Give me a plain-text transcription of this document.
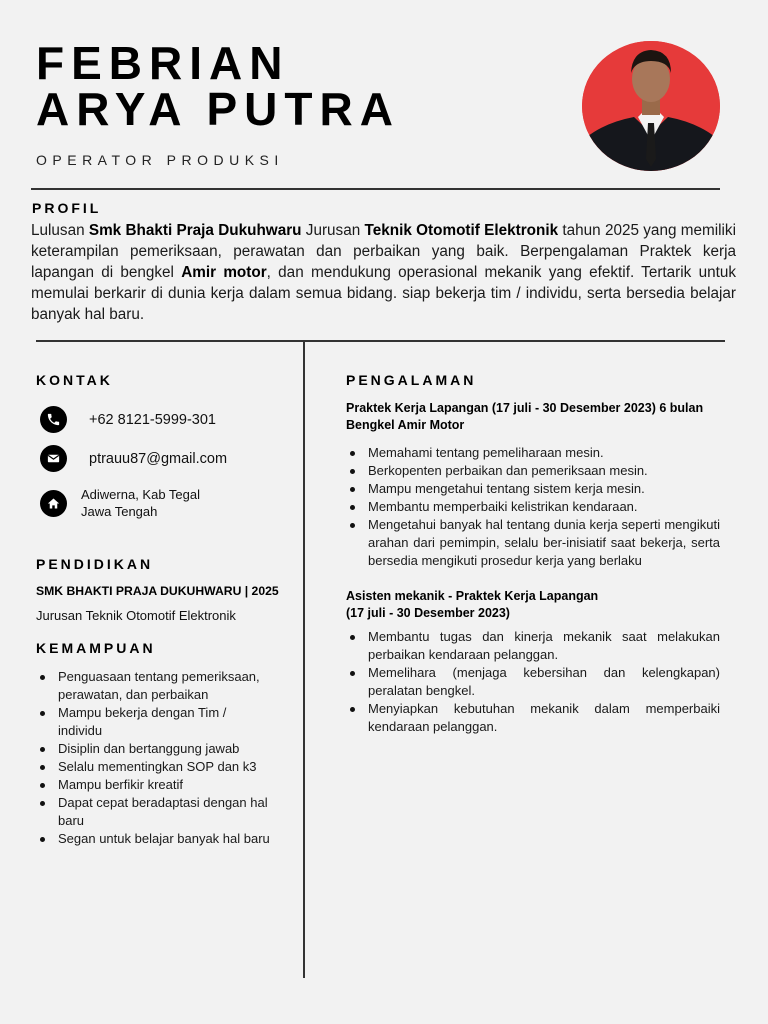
FEBRIAN
ARYA PUTRA
OPERATOR PRODUKSI
PROFIL
Lulusan Smk Bhakti Praja Dukuhwaru Jurusan Teknik Otomotif Elektronik tahun 2025 yang memiliki keterampilan pemeriksaan, perawatan dan perbaikan yang baik. Berpengalaman Praktek kerja lapangan di bengkel Amir motor, dan mendukung operasional mekanik yang efektif. Tertarik untuk memulai berkarir di dunia kerja dalam semua bidang. siap bekerja tim / individu, serta bersedia belajar banyak hal baru.
KONTAK
+62 8121-5999-301
ptrauu87@gmail.com
Adiwerna, Kab Tegal
Jawa Tengah
PENDIDIKAN
SMK BHAKTI PRAJA DUKUHWARU | 2025
Jurusan Teknik Otomotif Elektronik
KEMAMPUAN
Penguasaan tentang pemeriksaan, perawatan, dan perbaikan
Mampu bekerja dengan Tim / individu
Disiplin dan bertanggung jawab
Selalu mementingkan SOP dan k3
Mampu berfikir kreatif
Dapat cepat beradaptasi dengan hal baru
Segan untuk belajar banyak hal baru
PENGALAMAN
Praktek Kerja Lapangan (17 juli - 30 Desember 2023) 6 bulan Bengkel Amir Motor
Memahami tentang pemeliharaan mesin.
Berkopenten perbaikan dan pemeriksaan mesin.
Mampu mengetahui tentang sistem kerja mesin.
Membantu memperbaiki kelistrikan kendaraan.
Mengetahui banyak hal tentang dunia kerja seperti mengikuti arahan dari pemimpin, selalu ber-inisiatif saat bekerja, serta bersedia mengikuti prosedur kerja yang berlaku
Asisten mekanik - Praktek Kerja Lapangan
(17 juli - 30 Desember 2023)
Membantu tugas dan kinerja mekanik saat melakukan perbaikan kendaraan pelanggan.
Memelihara (menjaga kebersihan dan kelengkapan) peralatan bengkel.
Menyiapkan kebutuhan mekanik dalam memperbaiki kendaraan pelanggan.
